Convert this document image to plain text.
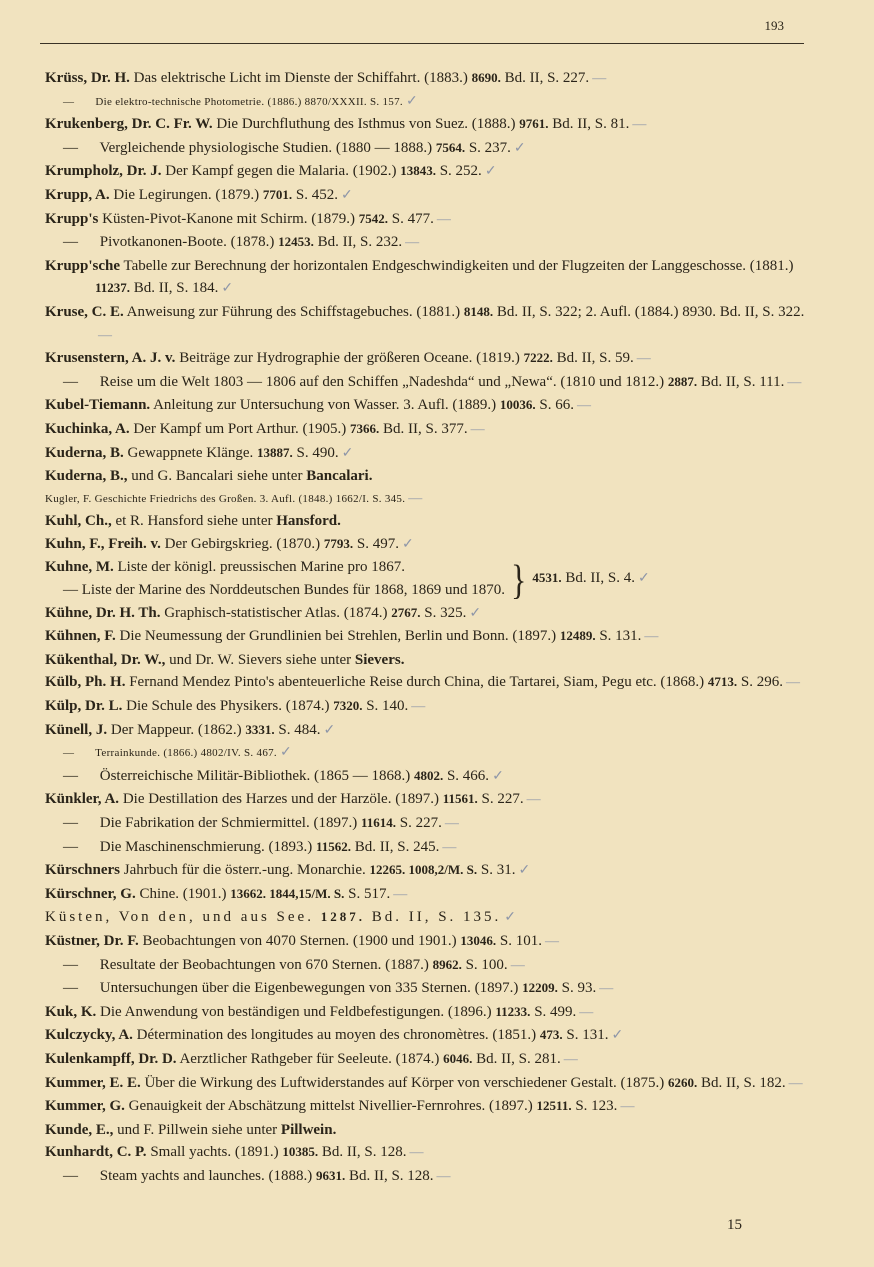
193
Krüss, Dr. H. Das elektrische Licht im Dienste der Schiffahrt. (1883.) 8690. Bd. II, S. 227. —
— Die elektro-technische Photometrie. (1886.) 8870/XXXII. S. 157. ✓
Krukenberg, Dr. C. Fr. W. Die Durchfluthung des Isthmus von Suez. (1888.) 9761. Bd. II, S. 81. —
— Vergleichende physiologische Studien. (1880 — 1888.) 7564. S. 237. ✓
Krumpholz, Dr. J. Der Kampf gegen die Malaria. (1902.) 13843. S. 252. ✓
Krupp, A. Die Legirungen. (1879.) 7701. S. 452. ✓
Krupp's Küsten-Pivot-Kanone mit Schirm. (1879.) 7542. S. 477. —
— Pivotkanonen-Boote. (1878.) 12453. Bd. II, S. 232. —
Krupp'sche Tabelle zur Berechnung der horizontalen Endgeschwindigkeiten und der Flugzeiten der Langgeschosse. (1881.) 11237. Bd. II, S. 184. ✓
Kruse, C. E. Anweisung zur Führung des Schiffstagebuches. (1881.) 8148. Bd. II, S. 322; 2. Aufl. (1884.) 8930. Bd. II, S. 322.—
Krusenstern, A. J. v. Beiträge zur Hydrographie der größeren Oceane. (1819.) 7222. Bd. II, S. 59. —
— Reise um die Welt 1803 — 1806 auf den Schiffen „Nadeshda“ und „Newa“. (1810 und 1812.) 2887. Bd. II, S. 111. —
Kubel-Tiemann. Anleitung zur Untersuchung von Wasser. 3. Aufl. (1889.) 10036. S. 66. —
Kuchinka, A. Der Kampf um Port Arthur. (1905.) 7366. Bd. II, S. 377. —
Kuderna, B. Gewappnete Klänge. 13887. S. 490. ✓
Kuderna, B., und G. Bancalari siehe unter Bancalari.
Kugler, F. Geschichte Friedrichs des Großen. 3. Aufl. (1848.) 1662/I. S. 345. —
Kuhl, Ch., et R. Hansford siehe unter Hansford.
Kuhn, F., Freih. v. Der Gebirgskrieg. (1870.) 7793. S. 497. ✓
Kuhne, M. Liste der königl. preussischen Marine pro 1867.
— Liste der Marine des Norddeutschen Bundes für 1868, 1869 und 1870. } 4531. Bd. II, S. 4. ✓
Kühne, Dr. H. Th. Graphisch-statistischer Atlas. (1874.) 2767. S. 325. ✓
Kühnen, F. Die Neumessung der Grundlinien bei Strehlen, Berlin und Bonn. (1897.) 12489. S. 131. —
Kükenthal, Dr. W., und Dr. W. Sievers siehe unter Sievers.
Külb, Ph. H. Fernand Mendez Pinto's abenteuerliche Reise durch China, die Tartarei, Siam, Pegu etc. (1868.) 4713. S. 296. —
Külp, Dr. L. Die Schule des Physikers. (1874.) 7320. S. 140. —
Künell, J. Der Mappeur. (1862.) 3331. S. 484. ✓
— Terrainkunde. (1866.) 4802/IV. S. 467. ✓
— Österreichische Militär-Bibliothek. (1865 — 1868.) 4802. S. 466. ✓
Künkler, A. Die Destillation des Harzes und der Harzöle. (1897.) 11561. S. 227. —
— Die Fabrikation der Schmiermittel. (1897.) 11614. S. 227. —
— Die Maschinenschmierung. (1893.) 11562. Bd. II, S. 245. —
Kürschners Jahrbuch für die österr.-ung. Monarchie. 12265. 1008,2/M. S. S. 31. ✓
Kürschner, G. Chine. (1901.) 13662. 1844,15/M. S. S. 517. —
Küsten, Von den, und aus See. 1287. Bd. II, S. 135. ✓
Küstner, Dr. F. Beobachtungen von 4070 Sternen. (1900 und 1901.) 13046. S. 101. —
— Resultate der Beobachtungen von 670 Sternen. (1887.) 8962. S. 100. —
— Untersuchungen über die Eigenbewegungen von 335 Sternen. (1897.) 12209. S. 93. —
Kuk, K. Die Anwendung von beständigen und Feldbefestigungen. (1896.) 11233. S. 499. —
Kulczycky, A. Détermination des longitudes au moyen des chronomètres. (1851.) 473. S. 131. ✓
Kulenkampff, Dr. D. Aerztlicher Rathgeber für Seeleute. (1874.) 6046. Bd. II, S. 281. —
Kummer, E. E. Über die Wirkung des Luftwiderstandes auf Körper von verschiedener Gestalt. (1875.) 6260. Bd. II, S. 182. —
Kummer, G. Genauigkeit der Abschätzung mittelst Nivellier-Fernrohres. (1897.) 12511. S. 123. —
Kunde, E., und F. Pillwein siehe unter Pillwein.
Kunhardt, C. P. Small yachts. (1891.) 10385. Bd. II, S. 128. —
— Steam yachts and launches. (1888.) 9631. Bd. II, S. 128. —
15
